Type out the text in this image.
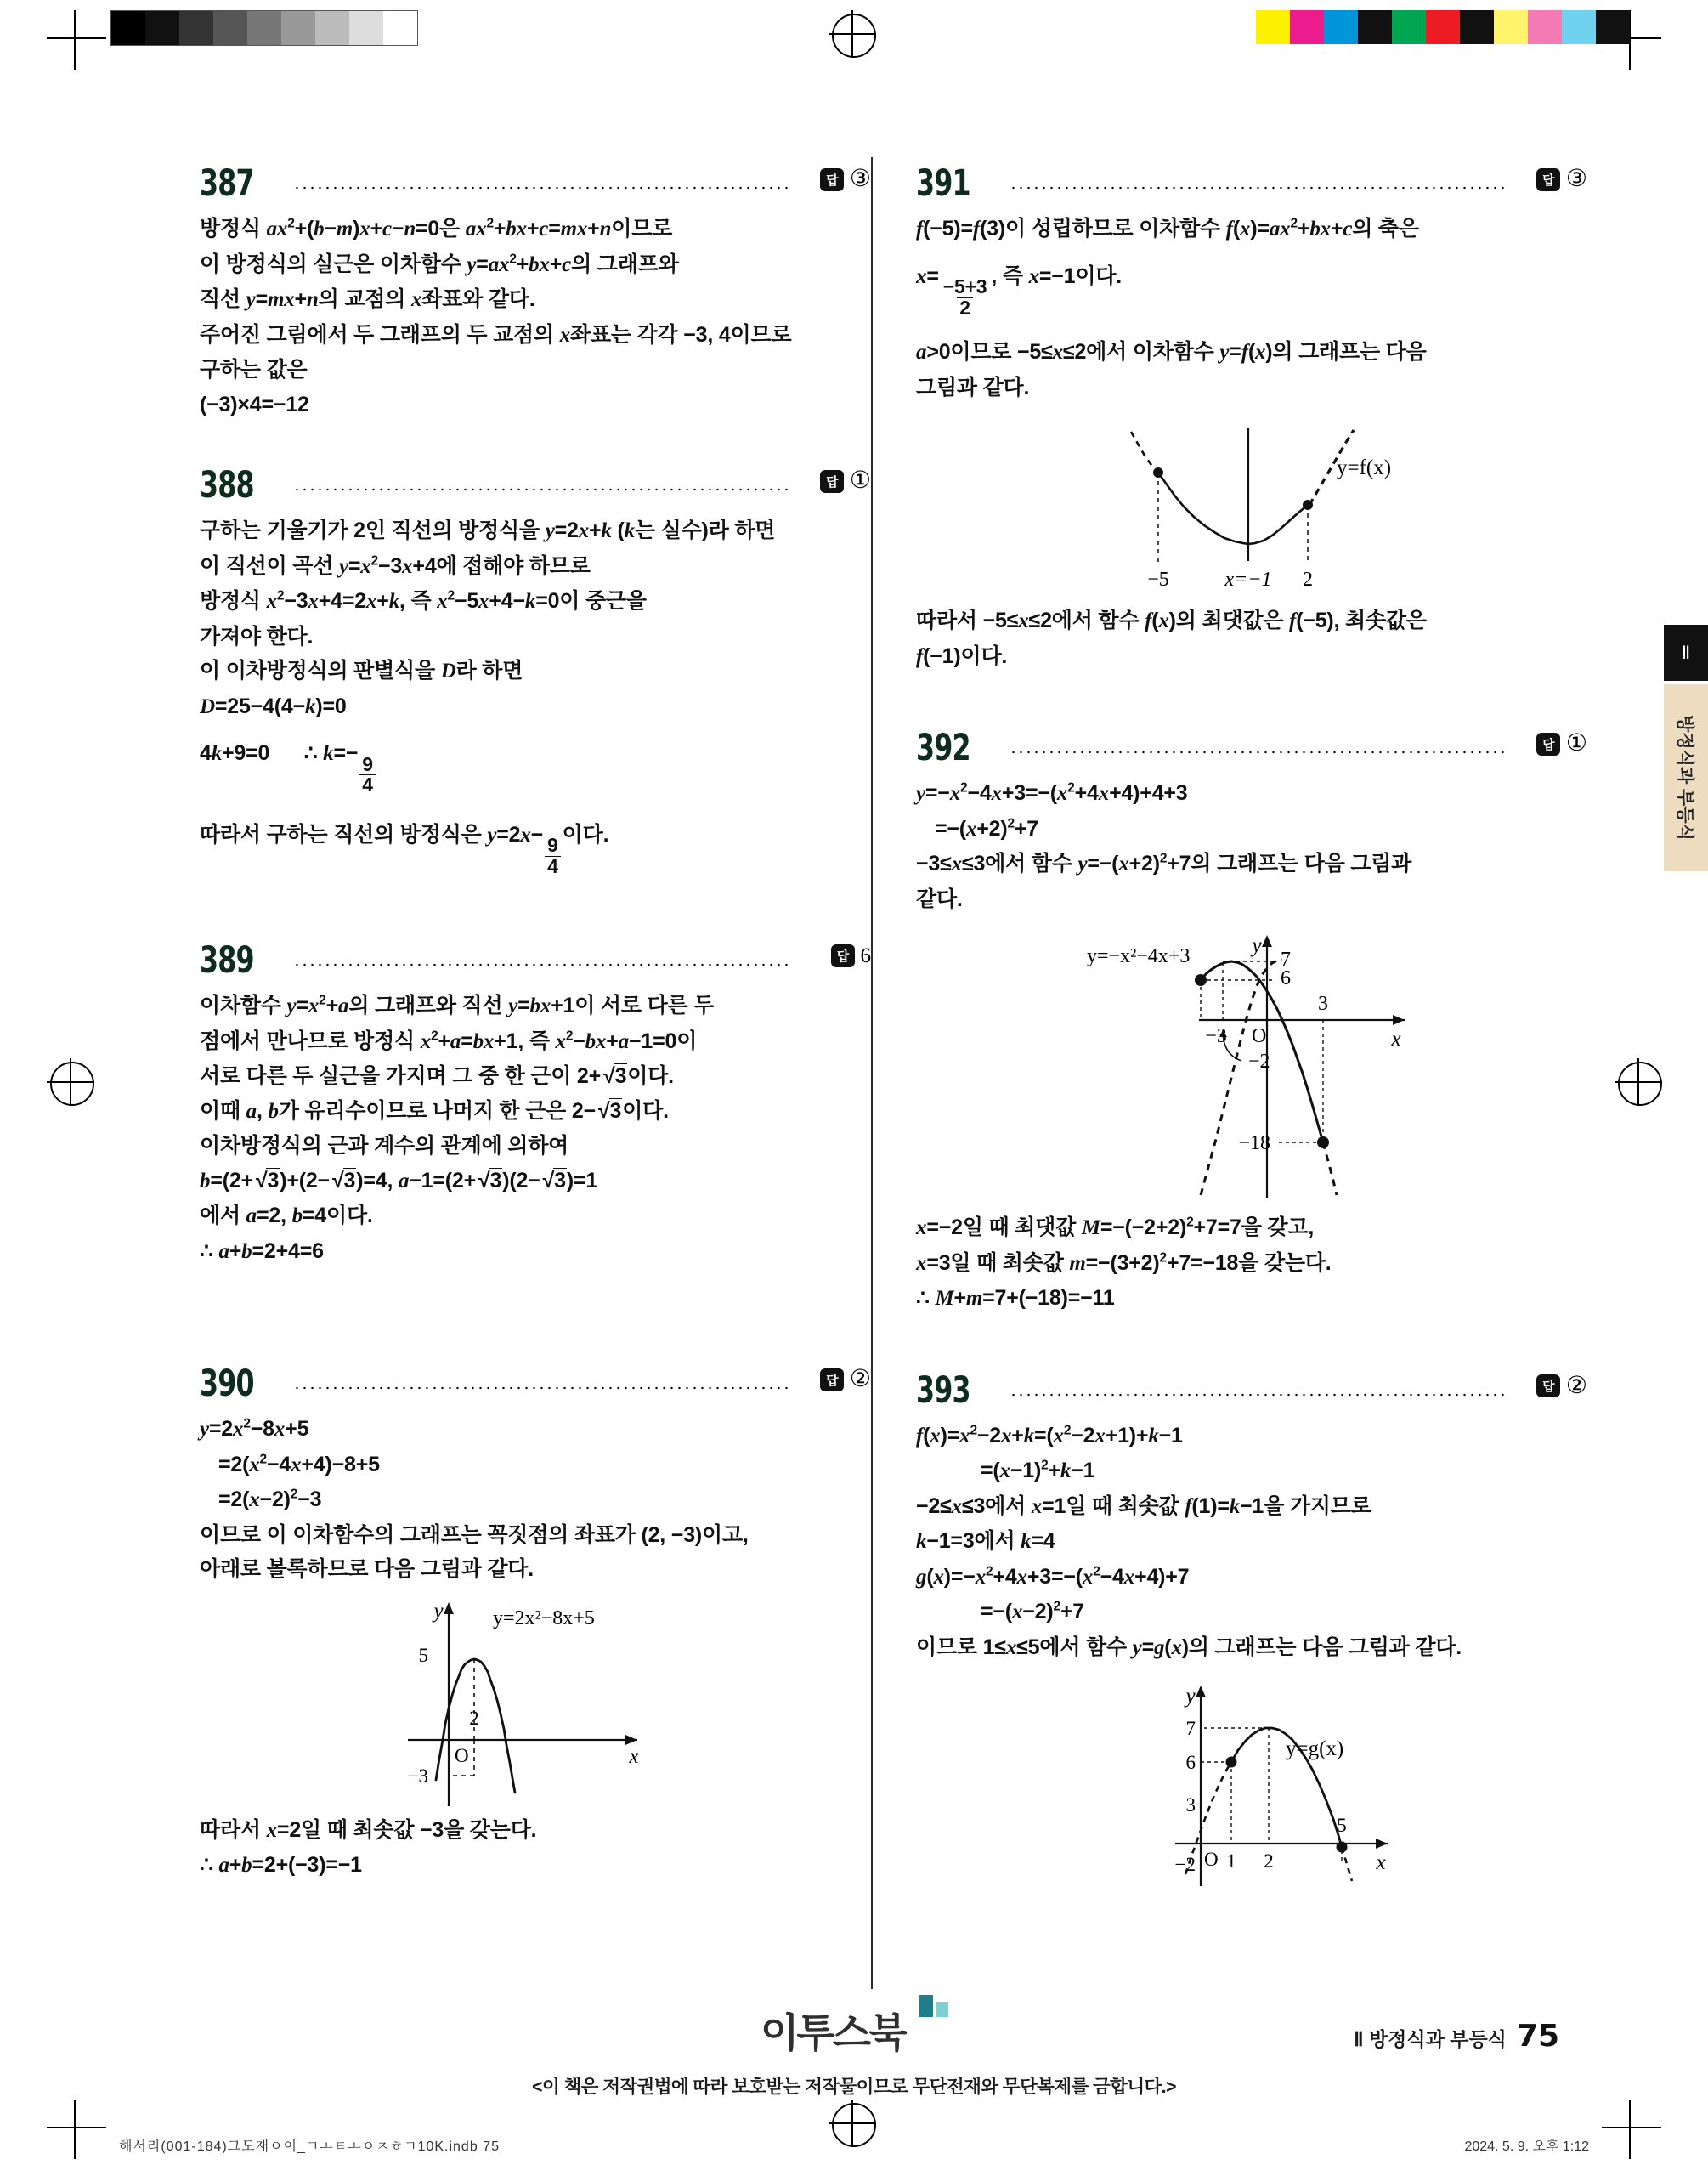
387	답 ③
방정식 $ax^2+(b-m)x+c-n=0$은 $ax^2+bx+c=mx+n$이므로
이 방정식의 실근은 이차함수 $y=ax^2+bx+c$의 그래프와
직선 y=mx+n의 교점의 x좌표와 같다.
주어진 그림에서 두 그래프의 두 교점의 x좌표는 각각 −3, 4이므로
구하는 값은
(−3)×4=−12
388	답 ①
구하는 기울기가 2인 직선의 방정식을 y=2x+k (k는 실수)라 하면
이 직선이 곡선 $y=x^2-3x+4$에 접해야 하므로
방정식 $x^2-3x+4=2x+k$, 즉 $x^2-5x+4-k=0$이 중근을
가져야 한다.
이 이차방정식의 판별식을 D라 하면
D=25−4(4−k)=0
4k+9=0      ∴ k=−
$\frac{9}{4}$
따라서 구하는 직선의 방정식은 y=2x−
$\frac{9}{4}$
이다.
389	답 6
이차함수 $y=x^2+a$의 그래프와 직선 y=bx+1이 서로 다른 두
점에서 만나므로 방정식 $x^2+a=bx+1$, 즉 $x^2-bx+a-1=0$이
서로 다른 두 실근을 가지며 그 중 한 근이 2+ √ 3이다.
이때 a, b가 유리수이므로 나머지 한 근은 2− √ 3이다.
이차방정식의 근과 계수의 관계에 의하여
b=(2+ √ 3)+(2− √ 3)=4, a−1=(2+ √ 3)(2− √ 3)=1
에서 a=2, b=4이다.
∴ a+b=2+4=6
390	답 ②
$y=2x^2-8x+5$
$=2(x^2-4x+4)-8+5$
$=2(x-2)^2-3$
이므로 이 이차함수의 그래프는 꼭짓점의 좌표가 (2, −3)이고,
아래로 볼록하므로 다음 그림과 같다.
5
2
−3
O	x
y y=2x²−8x+5
따라서 x=2일 때 최솟값 −3을 갖는다.
∴ a+b=2+(−3)=−1
391	답 ③
f(−5)=f(3)이 성립하므로 이차함수 $f(x)=ax^2+bx+c$의 축은
x=
$\frac{-5+3}{2}$
, 즉 x=−1이다.
a>0이므로 −5≤x≤2에서 이차함수 y=f(x)의 그래프는 다음
그림과 같다.
−5	x=−1 2
y=f(x)
따라서 −5≤x≤2에서 함수 f(x)의 최댓값은 f(−5), 최솟값은
f(−1)이다.
392	답 ①
$y=-x^2-4x+3=-(x^2+4x+4)+4+3$
$=-(x+2)^2+7$
−3≤x≤3에서 함수 $y=-(x+2)^2+7$의 그래프는 다음 그림과
같다.
7
6
3
−3 O
−2
−18
x
y
y=−x²−4x+3
x=−2일 때 최댓값 $M=-(-2+2)^2+7=7$을 갖고,
x=3일 때 최솟값 $m=-(3+2)^2+7=-18$을 갖는다.
∴ M+m=7+(−18)=−11
393	답 ②
$f(x)=x^2-2x+k=(x^2-2x+1)+k-1$
$=(x-1)^2+k-1$
−2≤x≤3에서 x=1일 때 최솟값 f(1)=k−1을 가지므로
k−1=3에서 k=4
$g(x)=-x^2+4x+3=-(x^2-4x+4)+7$
$=-(x-2)^2+7$
이므로 1≤x≤5에서 함수 y=g(x)의 그래프는 다음 그림과 같다.
7
6
3
1 2
5
−2 O	x
y
y=g(x)
Ⅱ
방정식과 부등식
이투스북
<이 책은 저작권법에 따라 보호받는 저작물이므로 무단전재와 무단복제를 금합니다.>
Ⅱ 방정식과 부등식 75
해서리(001-184)그도재ㅇ이_ㄱㅗㅌㅗㅇㅈㅎㄱ10K.indb 75	2024. 5. 9. 오후 1:12
